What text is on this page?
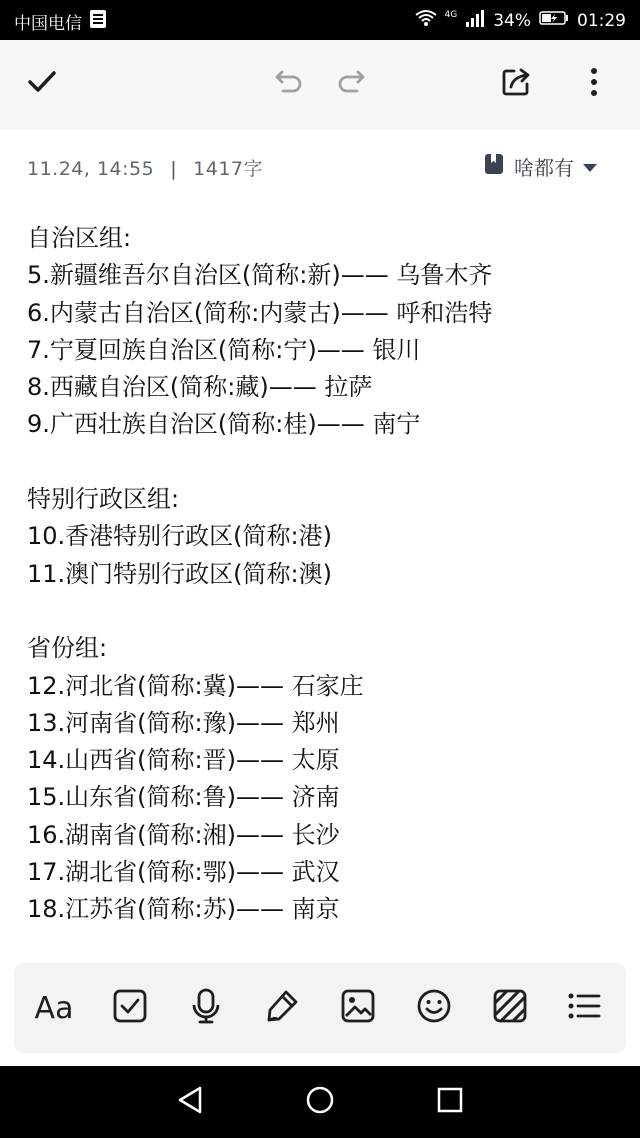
中国电信	4G 34%	01:29
11.24, 14:55 | 1417字	啥都有
自治区组:
5.新疆维吾尔自治区(简称:新)—— 乌鲁木齐
6.内蒙古自治区(简称:内蒙古)—— 呼和浩特
7.宁夏回族自治区(简称:宁)—— 银川
8.西藏自治区(简称:藏)—— 拉萨
9.广西壮族自治区(简称:桂)—— 南宁
特别行政区组:
10.香港特别行政区(简称:港)
11.澳门特别行政区(简称:澳)
省份组:
12.河北省(简称:冀)—— 石家庄
13.河南省(简称:豫)—— 郑州
14.山西省(简称:晋)—— 太原
15.山东省(简称:鲁)—— 济南
16.湖南省(简称:湘)—— 长沙
17.湖北省(简称:鄂)—— 武汉
18.江苏省(简称:苏)—— 南京
Aa
